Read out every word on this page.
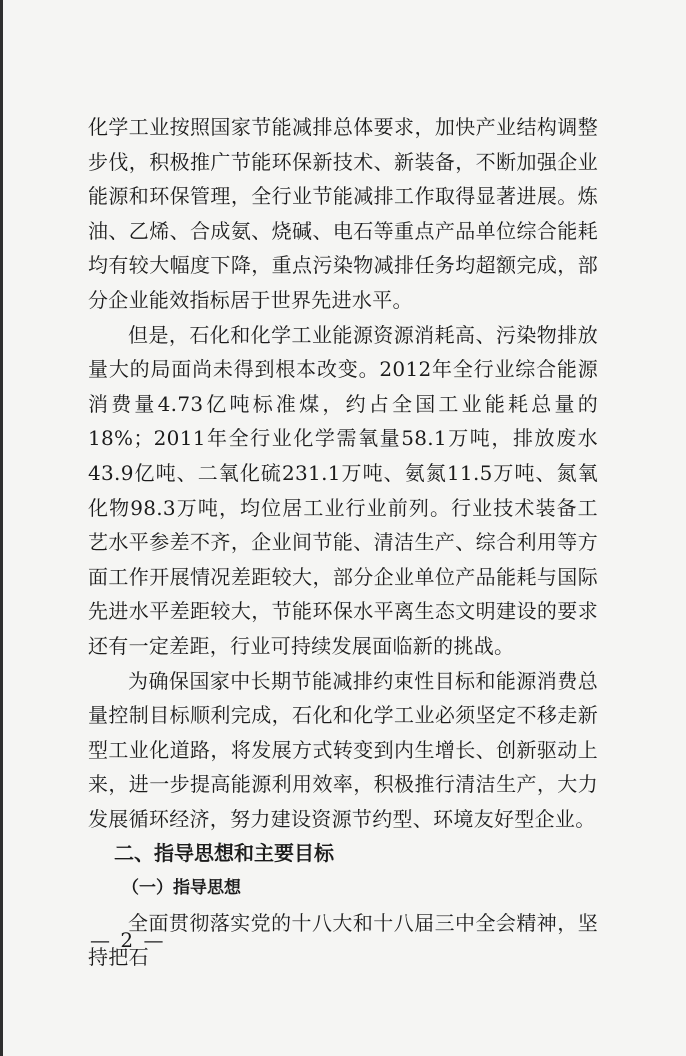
化学工业按照国家节能减排总体要求，加快产业结构调整步伐，积极推广节能环保新技术、新装备，不断加强企业能源和环保管理，全行业节能减排工作取得显著进展。炼油、乙烯、合成氨、烧碱、电石等重点产品单位综合能耗均有较大幅度下降，重点污染物减排任务均超额完成，部分企业能效指标居于世界先进水平。

但是，石化和化学工业能源资源消耗高、污染物排放量大的局面尚未得到根本改变。2012年全行业综合能源消费量4.73亿吨标准煤，约占全国工业能耗总量的18%；2011年全行业化学需氧量58.1万吨，排放废水43.9亿吨、二氧化硫231.1万吨、氨氮11.5万吨、氮氧化物98.3万吨，均位居工业行业前列。行业技术装备工艺水平参差不齐，企业间节能、清洁生产、综合利用等方面工作开展情况差距较大，部分企业单位产品能耗与国际先进水平差距较大，节能环保水平离生态文明建设的要求还有一定差距，行业可持续发展面临新的挑战。

为确保国家中长期节能减排约束性目标和能源消费总量控制目标顺利完成，石化和化学工业必须坚定不移走新型工业化道路，将发展方式转变到内生增长、创新驱动上来，进一步提高能源利用效率，积极推行清洁生产，大力发展循环经济，努力建设资源节约型、环境友好型企业。

二、指导思想和主要目标
（一）指导思想

全面贯彻落实党的十八大和十八届三中全会精神，坚持把石

— 2 —
